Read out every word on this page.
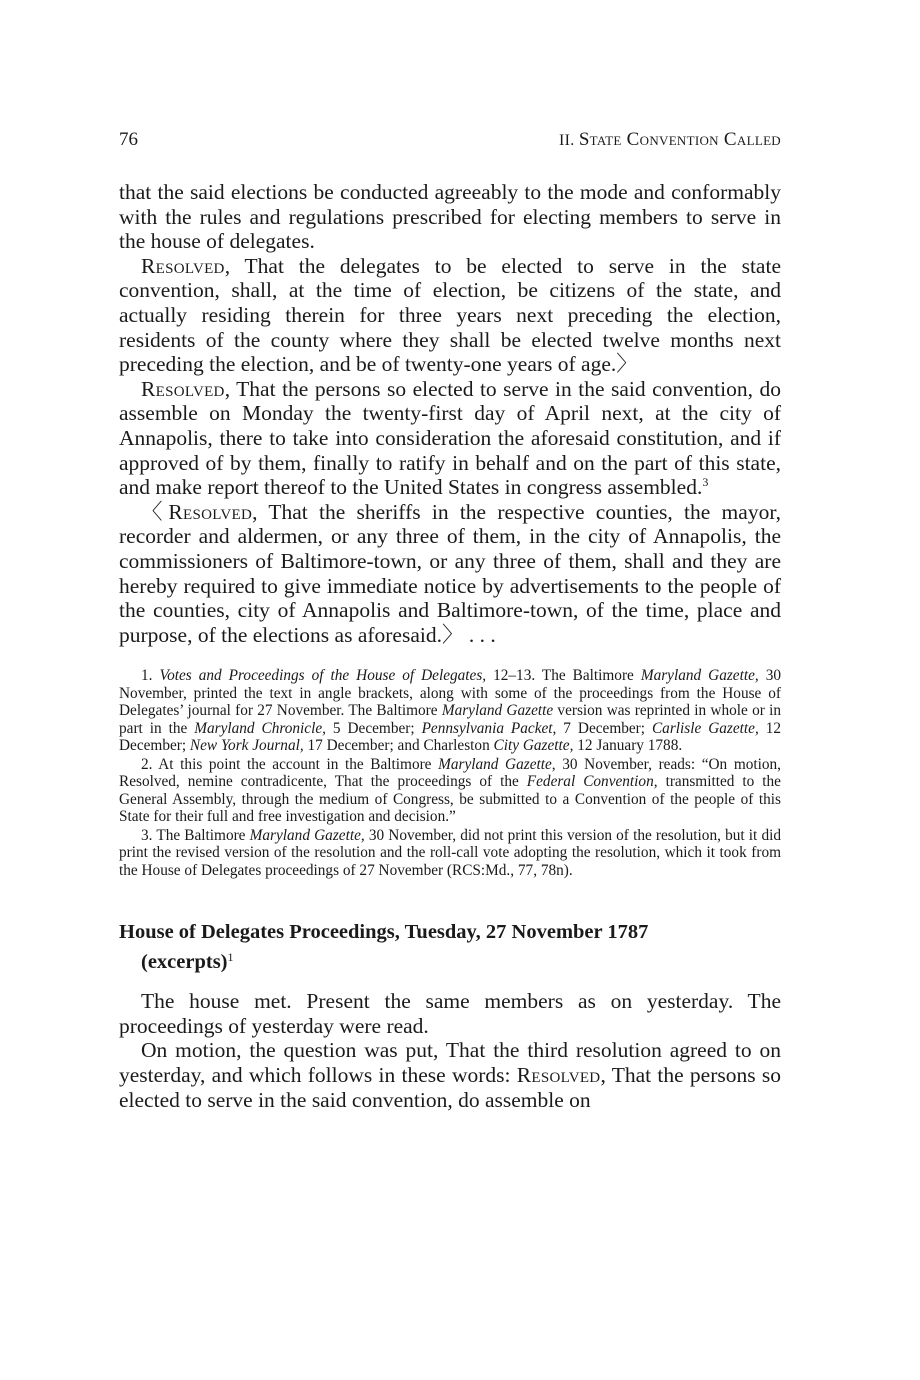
76	II. State Convention Called

that the said elections be conducted agreeably to the mode and conformably with the rules and regulations prescribed for electing members to serve in the house of delegates.

Resolved, That the delegates to be elected to serve in the state convention, shall, at the time of election, be citizens of the state, and actually residing therein for three years next preceding the election, residents of the county where they shall be elected twelve months next preceding the election, and be of twenty-one years of age.〉

Resolved, That the persons so elected to serve in the said convention, do assemble on Monday the twenty-first day of April next, at the city of Annapolis, there to take into consideration the aforesaid constitution, and if approved of by them, finally to ratify in behalf and on the part of this state, and make report thereof to the United States in congress assembled.$^3$

〈Resolved, That the sheriffs in the respective counties, the mayor, recorder and aldermen, or any three of them, in the city of Annapolis, the commissioners of Baltimore-town, or any three of them, shall and they are hereby required to give immediate notice by advertisements to the people of the counties, city of Annapolis and Baltimore-town, of the time, place and purpose, of the elections as aforesaid.〉 . . .

1. Votes and Proceedings of the House of Delegates, 12–13. The Baltimore Maryland Gazette, 30 November, printed the text in angle brackets, along with some of the proceedings from the House of Delegates’ journal for 27 November. The Baltimore Maryland Gazette version was reprinted in whole or in part in the Maryland Chronicle, 5 December; Pennsylvania Packet, 7 December; Carlisle Gazette, 12 December; New York Journal, 17 December; and Charleston City Gazette, 12 January 1788.

2. At this point the account in the Baltimore Maryland Gazette, 30 November, reads: “On motion, Resolved, nemine contradicente, That the proceedings of the Federal Convention, transmitted to the General Assembly, through the medium of Congress, be submitted to a Convention of the people of this State for their full and free investigation and decision.”

3. The Baltimore Maryland Gazette, 30 November, did not print this version of the resolution, but it did print the revised version of the resolution and the roll-call vote adopting the resolution, which it took from the House of Delegates proceedings of 27 November (RCS:Md., 77, 78n).

House of Delegates Proceedings, Tuesday, 27 November 1787
(excerpts)$^1$

The house met. Present the same members as on yesterday. The proceedings of yesterday were read.

On motion, the question was put, That the third resolution agreed to on yesterday, and which follows in these words: Resolved, That the persons so elected to serve in the said convention, do assemble on
